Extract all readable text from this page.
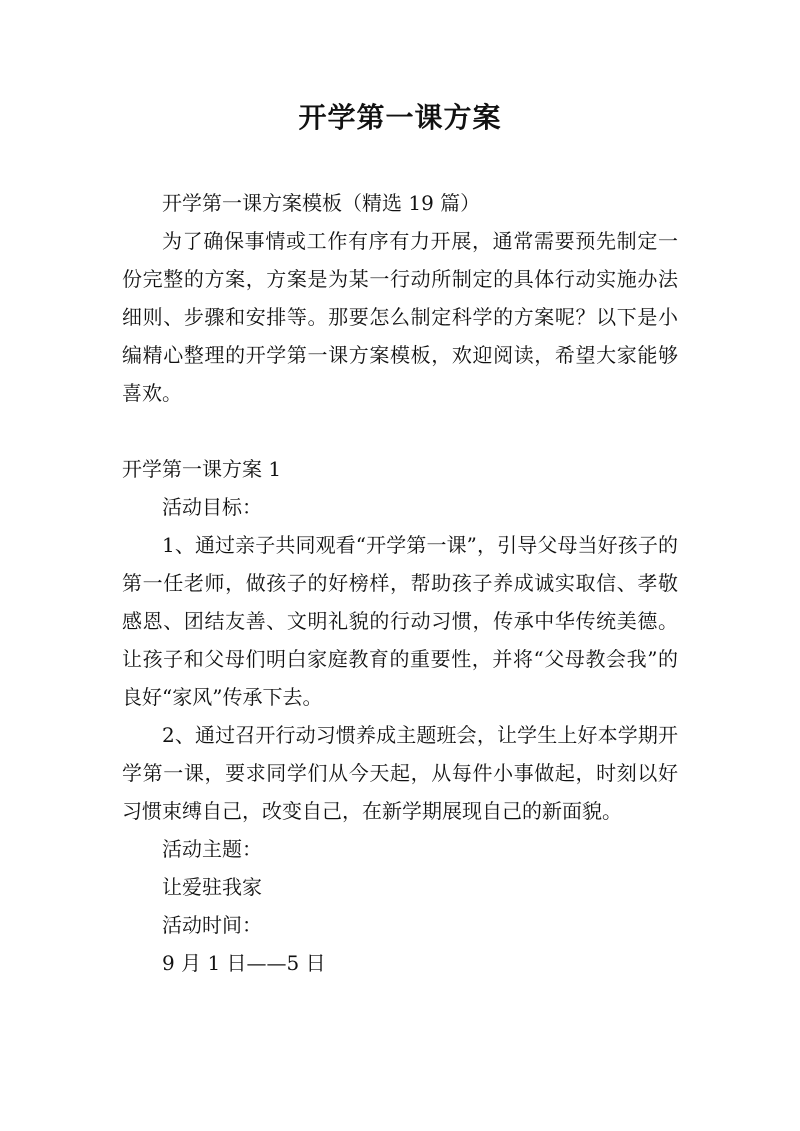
开学第一课方案

开学第一课方案模板（精选 19 篇）

为了确保事情或工作有序有力开展，通常需要预先制定一份完整的方案，方案是为某一行动所制定的具体行动实施办法细则、步骤和安排等。那要怎么制定科学的方案呢？以下是小编精心整理的开学第一课方案模板，欢迎阅读，希望大家能够喜欢。

开学第一课方案 1

活动目标：

1、通过亲子共同观看“开学第一课”，引导父母当好孩子的第一任老师，做孩子的好榜样，帮助孩子养成诚实取信、孝敬感恩、团结友善、文明礼貌的行动习惯，传承中华传统美德。让孩子和父母们明白家庭教育的重要性，并将“父母教会我”的良好“家风”传承下去。

2、通过召开行动习惯养成主题班会，让学生上好本学期开学第一课，要求同学们从今天起，从每件小事做起，时刻以好习惯束缚自己，改变自己，在新学期展现自己的新面貌。

活动主题：

让爱驻我家

活动时间：

9 月 1 日——5 日
